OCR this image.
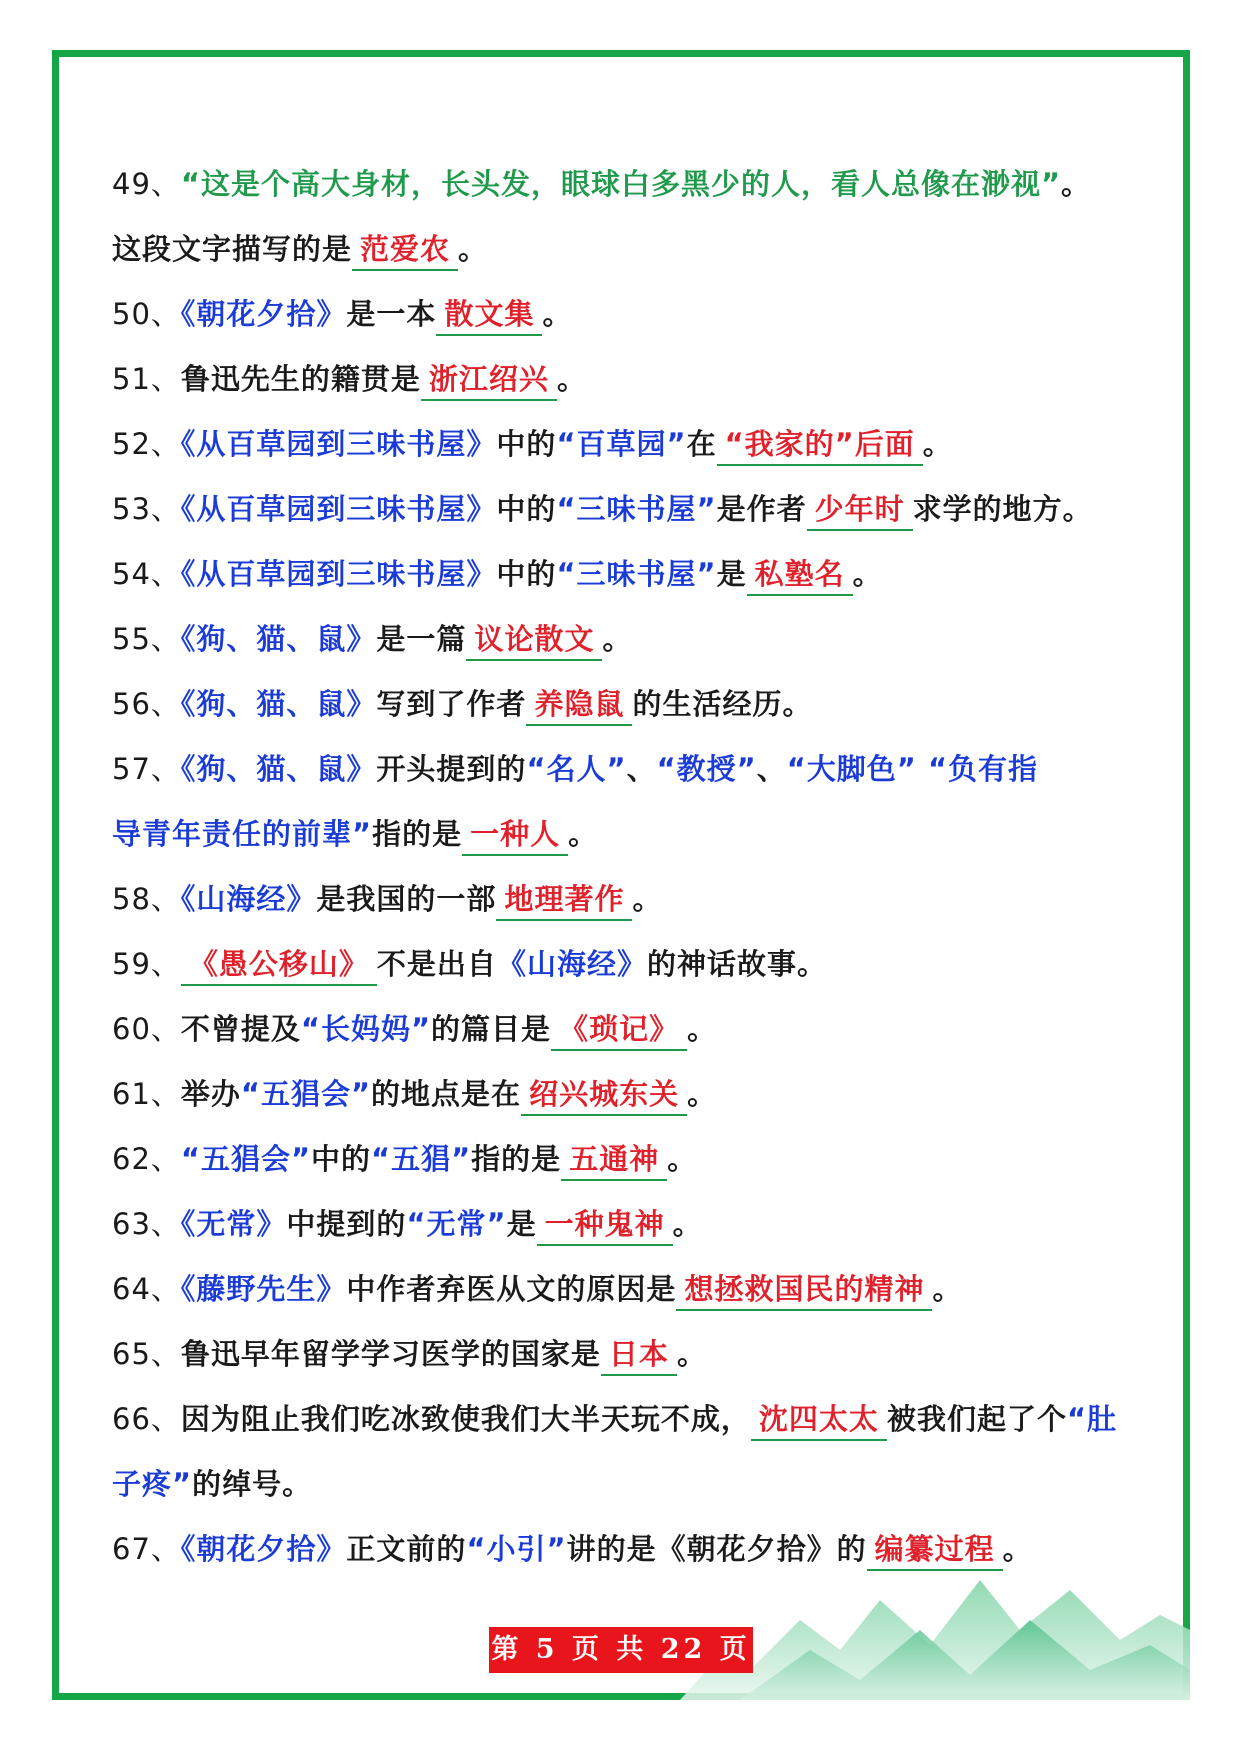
49、“这是个高大身材，长头发，眼球白多黑少的人，看人总像在渺视”。
这段文字描写的是 范爱农 。
50、《朝花夕拾》是一本 散文集 。
51、鲁迅先生的籍贯是 浙江绍兴 。
52、《从百草园到三味书屋》中的“百草园”在 “我家的”后面 。
53、《从百草园到三味书屋》中的“三味书屋”是作者 少年时 求学的地方。
54、《从百草园到三味书屋》中的“三味书屋”是 私塾名 。
55、《狗、猫、鼠》是一篇 议论散文 。
56、《狗、猫、鼠》写到了作者 养隐鼠 的生活经历。
57、《狗、猫、鼠》开头提到的“名人”、“教授”、“大脚色” “负有指
导青年责任的前辈”指的是 一种人 。
58、《山海经》是我国的一部 地理著作 。
59、 《愚公移山》 不是出自《山海经》的神话故事。
60、不曾提及“长妈妈”的篇目是 《琐记》 。
61、举办“五猖会”的地点是在 绍兴城东关 。
62、“五猖会”中的“五猖”指的是 五通神 。
63、《无常》中提到的“无常”是 一种鬼神 。
64、《藤野先生》中作者弃医从文的原因是 想拯救国民的精神 。
65、鲁迅早年留学学习医学的国家是 日本 。
66、因为阻止我们吃冰致使我们大半天玩不成， 沈四太太 被我们起了个“肚
子疼”的绰号。
67、《朝花夕拾》正文前的“小引”讲的是《朝花夕拾》的 编纂过程 。
第 5 页 共 22 页
